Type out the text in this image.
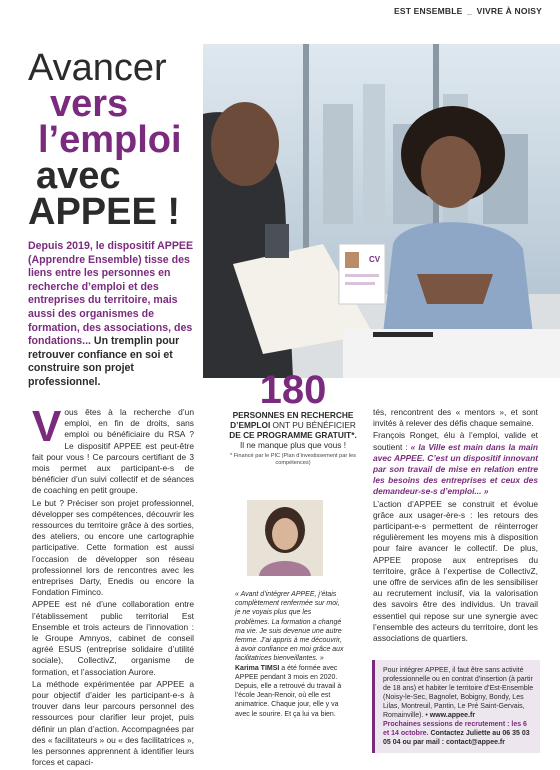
EST ENSEMBLE _ VIVRE À NOISY
Avancer
vers
l’emploi
avec
APPEE !
Depuis 2019, le dispositif APPEE (Apprendre Ensemble) tisse des liens entre les personnes en recherche d’emploi et des entreprises du territoire, mais aussi des organismes de formation, des associations, des fondations... Un tremplin pour retrouver confiance en soi et construire son projet professionnel.
CV
180
PERSONNES EN RECHERCHE
D’EMPLOI ONT PU BÉNÉFICIER
DE CE PROGRAMME GRATUIT*.
Il ne manque plus que vous !
* Financé par le PIC (Plan d’investissement par les compétences)
V ous êtes à la recherche d’un emploi, en fin de droits, sans emploi ou bénéficiaire du RSA ? Le dispositif APPEE est peut-être fait pour vous ! Ce parcours certifiant de 3 mois permet aux participant-e-s de bénéficier d’un suivi collectif et de séances de coaching en petit groupe.

Le but ? Préciser son projet professionnel, développer ses compétences, découvrir les ressources du territoire grâce à des sorties, des ateliers, ou encore une cartographie participative. Cette formation est aussi l’occasion de développer son réseau professionnel lors de rencontres avec les entreprises Darty, Enedis ou encore la Fondation Fiminco.

APPEE est né d’une collaboration entre l’établissement public territorial Est Ensemble et trois acteurs de l’innovation : le Groupe Amnyos, cabinet de conseil agréé ESUS (entreprise solidaire d’utilité sociale), CollectivZ, organisme de formation, et l’association Aurore.

La méthode expérimentée par APPEE a pour objectif d’aider les participant-e-s à trouver dans leur parcours personnel des ressources pour clarifier leur projet, puis définir un plan d’action. Accompagnées par des « facilitateurs » ou « des facilitatrices », les personnes apprennent à identifier leurs forces et capaci-

« Avant d’intégrer APPEE, j’étais complètement renfermée sur moi, je ne voyais plus que les problèmes. La formation a changé ma vie. Je suis devenue une autre femme. J’ai appris à me découvrir, à avoir confiance en moi grâce aux facilitatrices bienveillantes. »
Karima TIMSI a été formée avec APPEE pendant 3 mois en 2020. Depuis, elle a retrouvé du travail à l’école Jean-Renoir, où elle est animatrice. Chaque jour, elle y va avec le sourire. Et ça lui va bien.

tés, rencontrent des « mentors », et sont invités à relever des défis chaque semaine.

François Ronget, élu à l’emploi, valide et soutient : « la Ville est main dans la main avec APPEE. C’est un dispositif innovant par son travail de mise en relation entre les besoins des entreprises et ceux des demandeur-se-s d’emploi... »

L’action d’APPEE se construit et évolue grâce aux usager-ère-s : les retours des participant-e-s permettent de réinterroger régulièrement les moyens mis à disposition pour faire avancer le collectif. De plus, APPEE propose aux entreprises du territoire, grâce à l’expertise de CollectivZ, une offre de services afin de les sensibiliser au recrutement inclusif, via la valorisation des savoirs être des individus. Un travail essentiel qui repose sur une synergie avec l’ensemble des acteurs du territoire, dont les associations de quartiers.

Pour intégrer APPEE, il faut être sans activité professionnelle ou en contrat d’insertion (à partir de 18 ans) et habiter le territoire d’Est-Ensemble (Noisy-le-Sec, Bagnolet, Bobigny, Bondy, Les Lilas, Montreuil, Pantin, Le Pré Saint-Gervais, Romainville). • www.appee.fr
Prochaines sessions de recrutement : les 6 et 14 octobre. Contactez Juliette au 06 35 03 05 04 ou par mail : contact@appee.fr
